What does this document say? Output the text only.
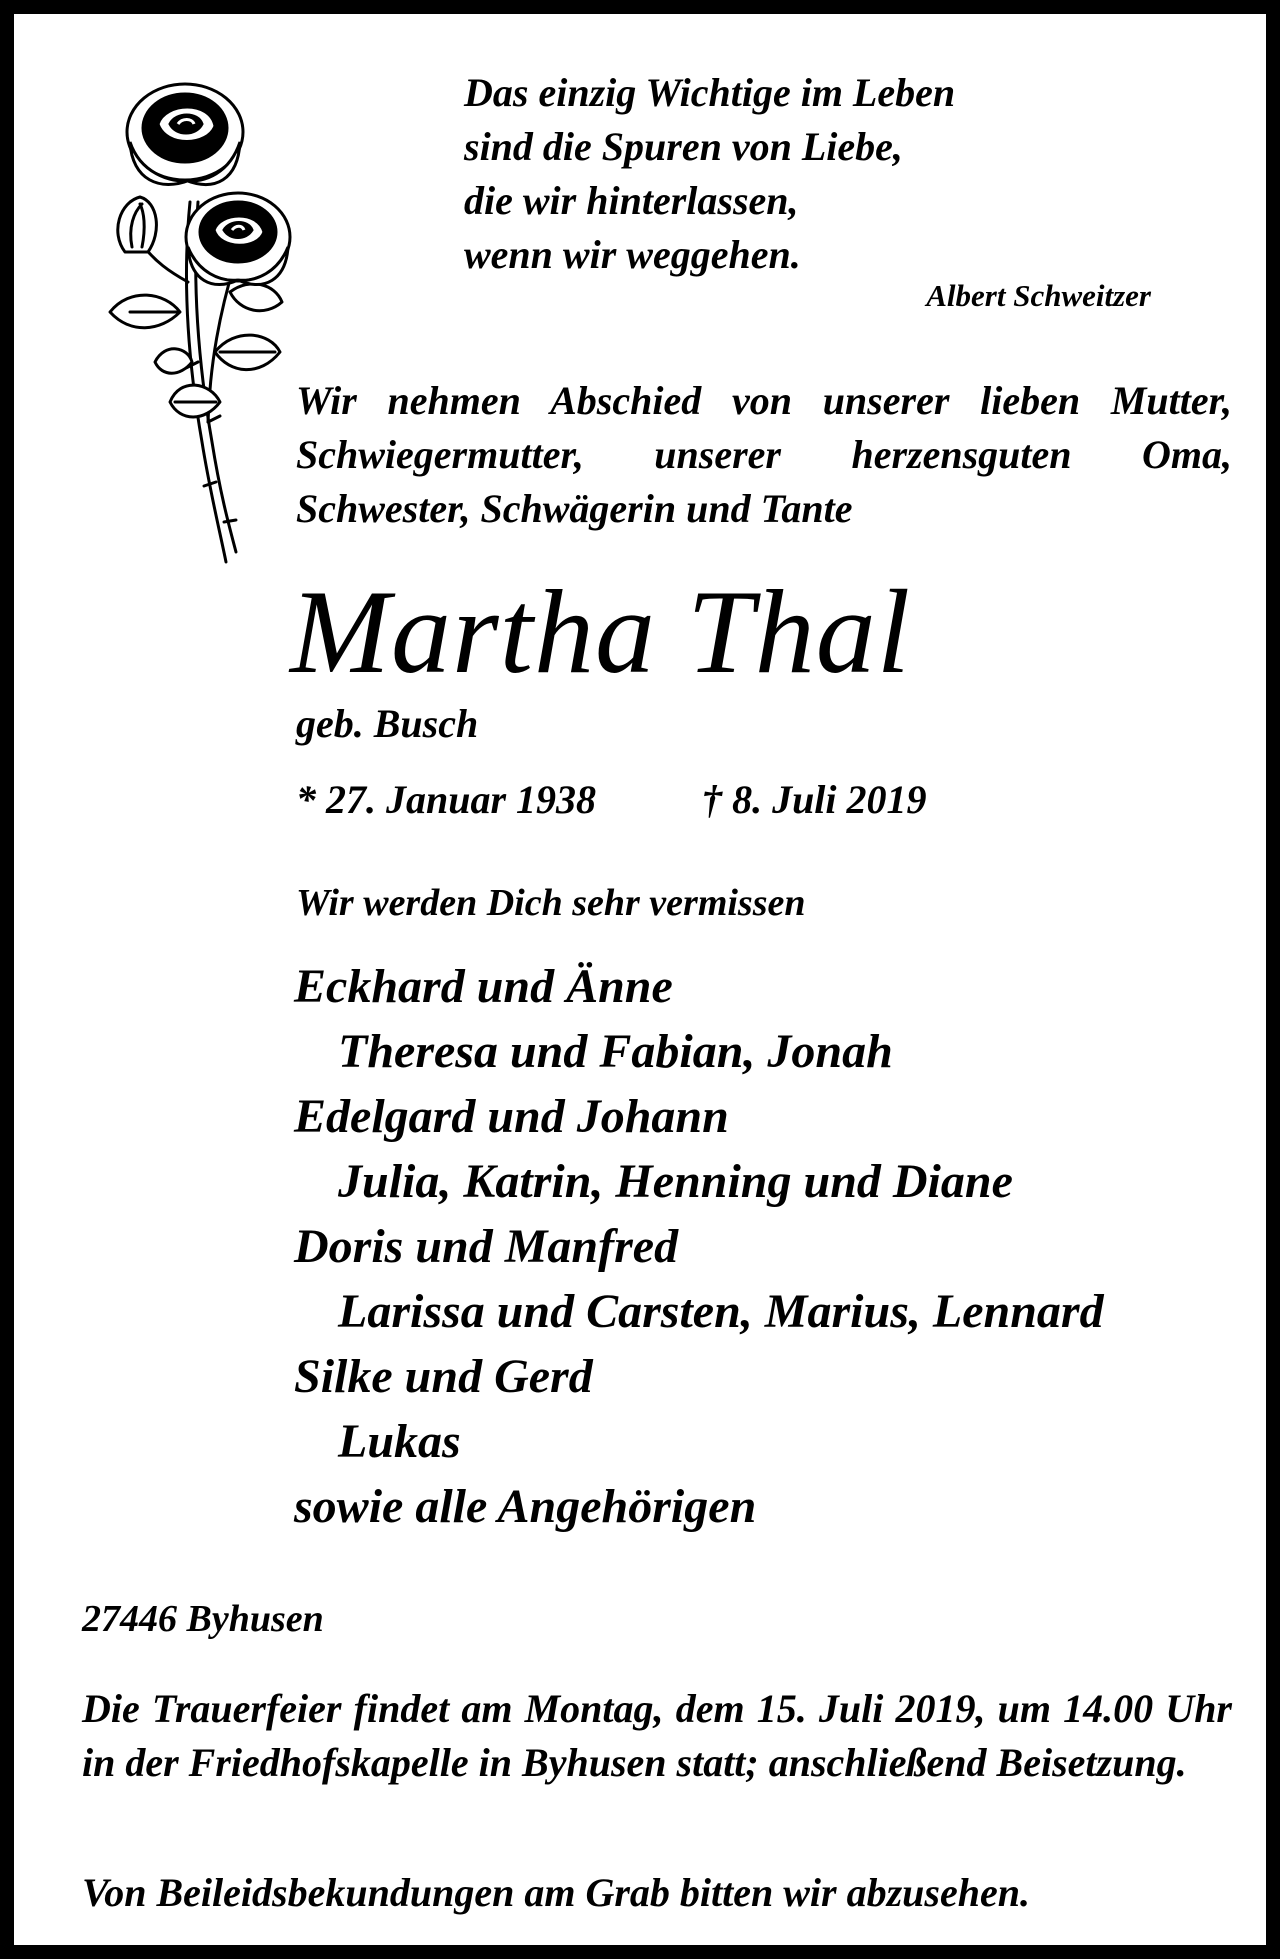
Das einzig Wichtige im Leben
sind die Spuren von Liebe,
die wir hinterlassen,
wenn wir weggehen.
Albert Schweitzer
Wir nehmen Abschied von unserer lieben Mutter, Schwiegermutter, unserer herzensguten Oma, Schwester, Schwägerin und Tante
Martha Thal
geb. Busch
* 27. Januar 1938	† 8. Juli 2019
Wir werden Dich sehr vermissen
Eckhard und Änne
Theresa und Fabian, Jonah
Edelgard und Johann
Julia, Katrin, Henning und Diane
Doris und Manfred
Larissa und Carsten, Marius, Lennard
Silke und Gerd
Lukas
sowie alle Angehörigen
27446 Byhusen
Die Trauerfeier findet am Montag, dem 15. Juli 2019, um 14.00 Uhr in der Friedhofskapelle in Byhusen statt; anschließend Beisetzung.
Von Beileidsbekundungen am Grab bitten wir abzusehen.
